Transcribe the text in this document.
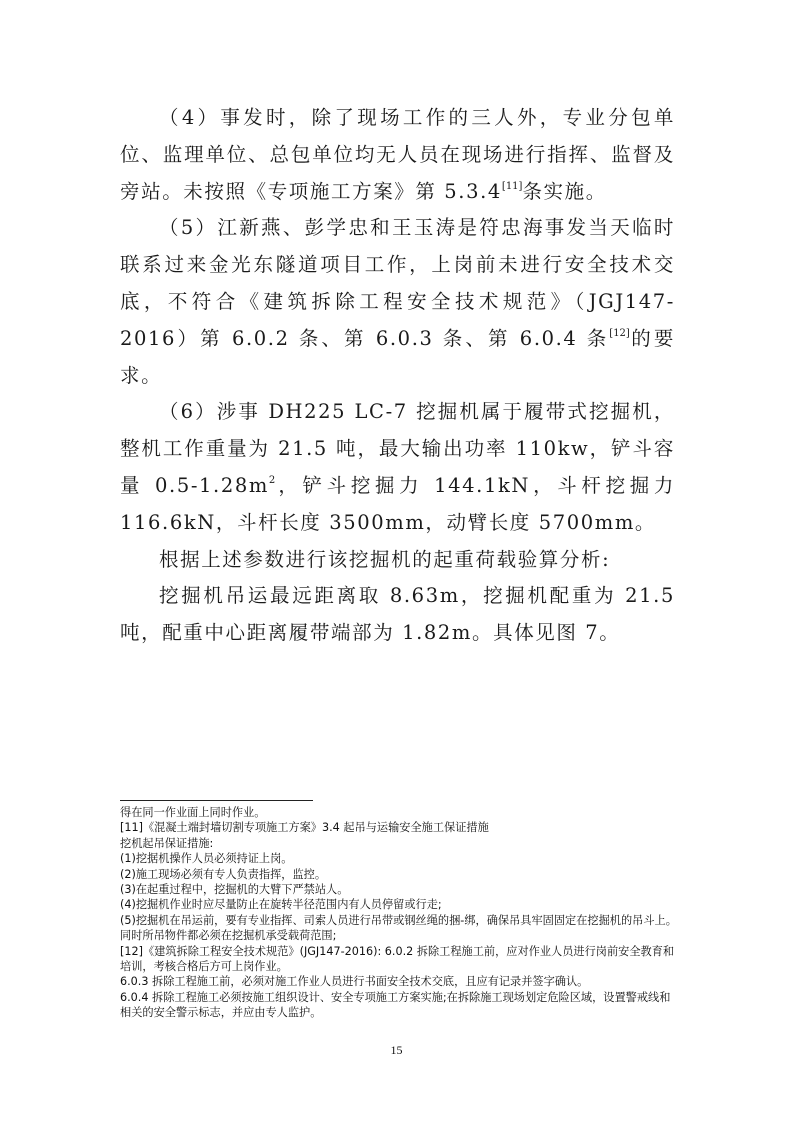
（4）事发时，除了现场工作的三人外，专业分包单位、监理单位、总包单位均无人员在现场进行指挥、监督及旁站。未按照《专项施工方案》第 5.3.4[11]条实施。

（5）江新燕、彭学忠和王玉涛是符忠海事发当天临时联系过来金光东隧道项目工作，上岗前未进行安全技术交底，不符合《建筑拆除工程安全技术规范》（JGJ147-2016）第 6.0.2 条、第 6.0.3 条、第 6.0.4 条[12]的要求。

（6）涉事 DH225 LC-7 挖掘机属于履带式挖掘机，整机工作重量为 21.5 吨，最大输出功率 110kw，铲斗容量 $0.5-1.28m^2$，铲斗挖掘力 144.1kN，斗杆挖掘力 116.6kN，斗杆长度 3500mm，动臂长度 5700mm。

根据上述参数进行该挖掘机的起重荷载验算分析:

挖掘机吊运最远距离取 8.63m，挖掘机配重为 21.5 吨，配重中心距离履带端部为 1.82m。具体见图 7。

得在同一作业面上同时作业。

[11]《混凝土端封墙切割专项施工方案》3.4 起吊与运输安全施工保证措施

挖机起吊保证措施:

(1)挖据机操作人员必须持证上岗。

(2)施工现场必须有专人负责指挥，监控。

(3)在起重过程中，挖掘机的大臂下严禁站人。

(4)挖掘机作业时应尽量防止在旋转半径范围内有人员停留或行走;

(5)挖掘机在吊运前，要有专业指挥、司索人员进行吊带或钢丝绳的捆-绑，确保吊具牢固固定在挖掘机的吊斗上。同时所吊物件都必须在挖掘机承受载荷范围;

[12]《建筑拆除工程安全技术规范》(JGJ147-2016): 6.0.2 拆除工程施工前，应对作业人员进行岗前安全教育和培训，考核合格后方可上岗作业。

6.0.3 拆除工程施工前，必须对施工作业人员进行书面安全技术交底，且应有记录并签字确认。

6.0.4 拆除工程施工必须按施工组织设计、安全专项施工方案实施;在拆除施工现场划定危险区域，设置警戒线和相关的安全警示标志，并应由专人监护。

15
